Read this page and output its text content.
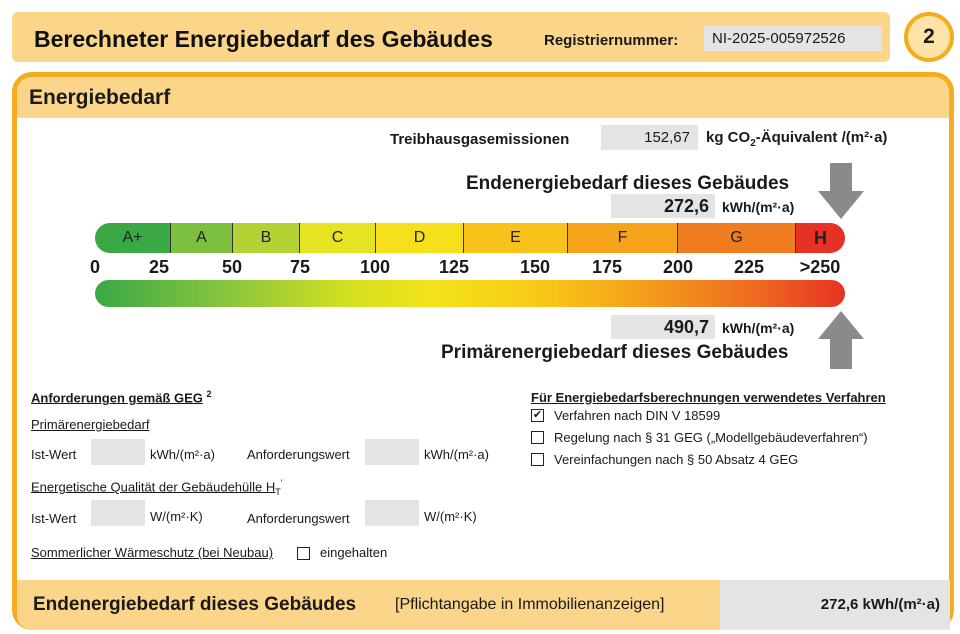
Berechneter Energiebedarf des Gebäudes	Registriernummer:	NI-2025-005972526	2
Energiebedarf
Treibhausgasemissionen	152,67	kg $CO_2$-Äquivalent /(m²·a)
Endenergiebedarf dieses Gebäudes
272,6 kWh/(m²·a)
A+	A	B	C	D	E	F	G	H
0	25	50	75	100	125	150 175 200 225 >250
490,7 kWh/(m²·a)
Primärenergiebedarf dieses Gebäudes
Anforderungen gemäß GEG $^2$
Primärenergiebedarf
Ist-Wert	kWh/(m²·a) Anforderungswert	kWh/(m²·a)
Energetische Qualität der Gebäudehülle $H_T'$
Ist-Wert	W/(m²·K)	Anforderungswert	W/(m²·K)
Sommerlicher Wärmeschutz (bei Neubau)	eingehalten
Für Energiebedarfsberechnungen verwendetes Verfahren
✔ Verfahren nach DIN V 18599
Regelung nach § 31 GEG („Modellgebäudeverfahren“)
Vereinfachungen nach § 50 Absatz 4 GEG
Endenergiebedarf dieses Gebäudes [Pflichtangabe in Immobilienanzeigen]	272,6 kWh/(m²·a)
